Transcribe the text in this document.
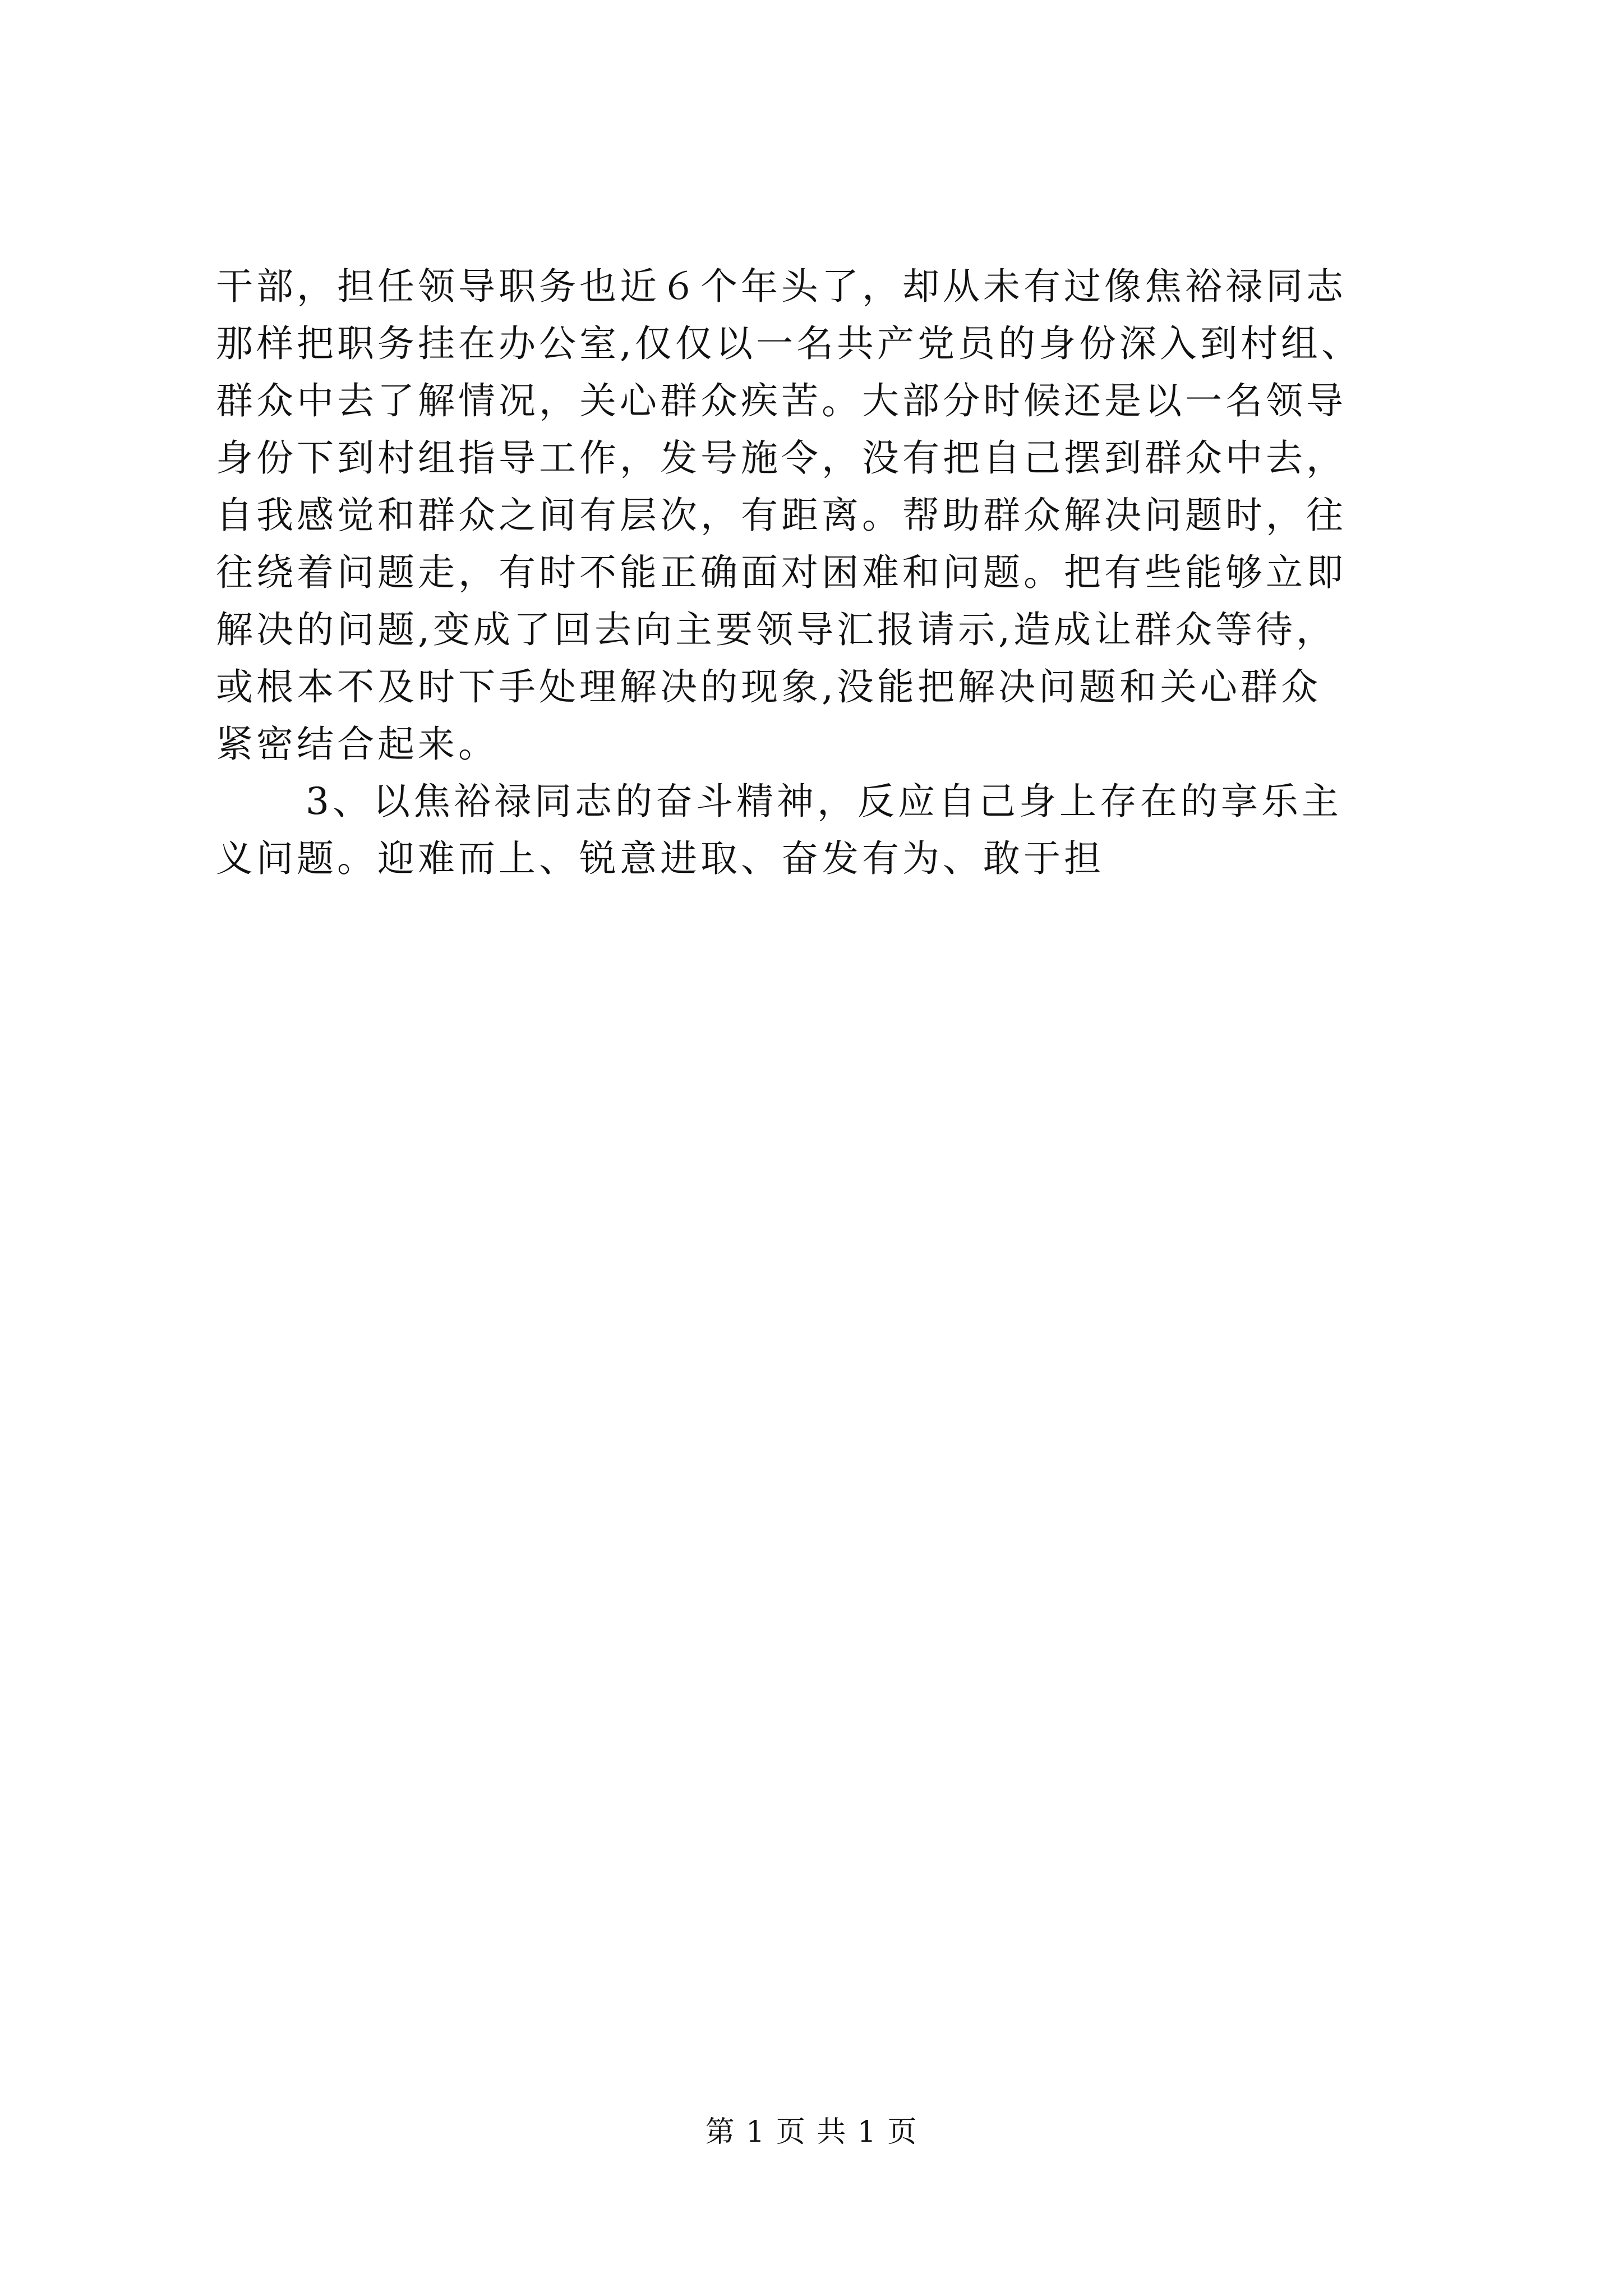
干部，担任领导职务也近６个年头了，却从未有过像焦裕禄同志
那样把职务挂在办公室,仅仅以一名共产党员的身份深入到村组、
群众中去了解情况，关心群众疾苦。大部分时候还是以一名领导
身份下到村组指导工作，发号施令，没有把自己摆到群众中去，
自我感觉和群众之间有层次，有距离。帮助群众解决问题时，往
往绕着问题走，有时不能正确面对困难和问题。把有些能够立即
解决的问题,变成了回去向主要领导汇报请示,造成让群众等待，
或根本不及时下手处理解决的现象,没能把解决问题和关心群众
紧密结合起来。
3、以焦裕禄同志的奋斗精神，反应自己身上存在的享乐主
义问题。迎难而上、锐意进取、奋发有为、敢于担
第 1 页 共 1 页
